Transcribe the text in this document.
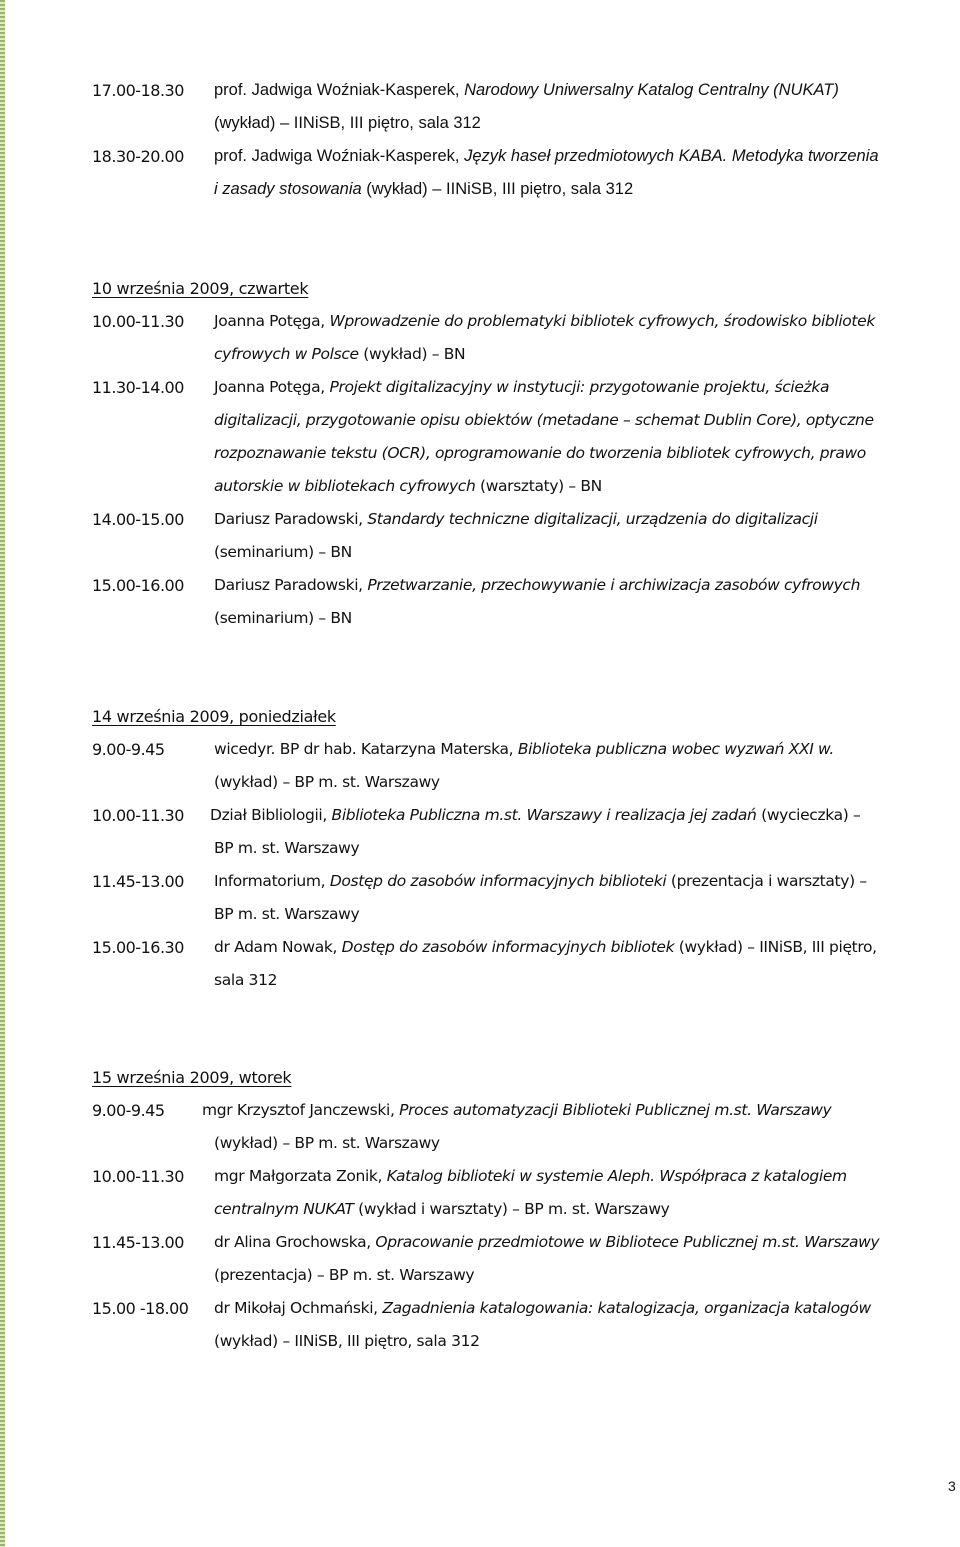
17.00-18.30 prof. Jadwiga Woźniak-Kasperek, Narodowy Uniwersalny Katalog Centralny (NUKAT)
(wykład) – IINiSB, III piętro, sala 312
18.30-20.00 prof. Jadwiga Woźniak-Kasperek, Język haseł przedmiotowych KABA. Metodyka tworzenia
i zasady stosowania (wykład) – IINiSB, III piętro, sala 312
10 września 2009, czwartek
10.00-11.30 Joanna Potęga, Wprowadzenie do problematyki bibliotek cyfrowych, środowisko bibliotek
cyfrowych w Polsce (wykład) – BN
11.30-14.00 Joanna Potęga, Projekt digitalizacyjny w instytucji: przygotowanie projektu, ścieżka
digitalizacji, przygotowanie opisu obiektów (metadane – schemat Dublin Core), optyczne
rozpoznawanie tekstu (OCR), oprogramowanie do tworzenia bibliotek cyfrowych, prawo
autorskie w bibliotekach cyfrowych (warsztaty) – BN
14.00-15.00 Dariusz Paradowski, Standardy techniczne digitalizacji, urządzenia do digitalizacji
(seminarium) – BN
15.00-16.00 Dariusz Paradowski, Przetwarzanie, przechowywanie i archiwizacja zasobów cyfrowych
(seminarium) – BN
14 września 2009, poniedziałek
9.00-9.45	wicedyr. BP dr hab. Katarzyna Materska, Biblioteka publiczna wobec wyzwań XXI w.
(wykład) – BP m. st. Warszawy
10.00-11.30 Dział Bibliologii, Biblioteka Publiczna m.st. Warszawy i realizacja jej zadań (wycieczka) –
BP m. st. Warszawy
11.45-13.00 Informatorium, Dostęp do zasobów informacyjnych biblioteki (prezentacja i warsztaty) –
BP m. st. Warszawy
15.00-16.30 dr Adam Nowak, Dostęp do zasobów informacyjnych bibliotek (wykład) – IINiSB, III piętro,
sala 312
15 września 2009, wtorek
9.00-9.45 mgr Krzysztof Janczewski, Proces automatyzacji Biblioteki Publicznej m.st. Warszawy
(wykład) – BP m. st. Warszawy
10.00-11.30 mgr Małgorzata Zonik, Katalog biblioteki w systemie Aleph. Współpraca z katalogiem
centralnym NUKAT (wykład i warsztaty) – BP m. st. Warszawy
11.45-13.00 dr Alina Grochowska, Opracowanie przedmiotowe w Bibliotece Publicznej m.st. Warszawy
(prezentacja) – BP m. st. Warszawy
15.00 -18.00 dr Mikołaj Ochmański, Zagadnienia katalogowania: katalogizacja, organizacja katalogów
(wykład) – IINiSB, III piętro, sala 312
3
